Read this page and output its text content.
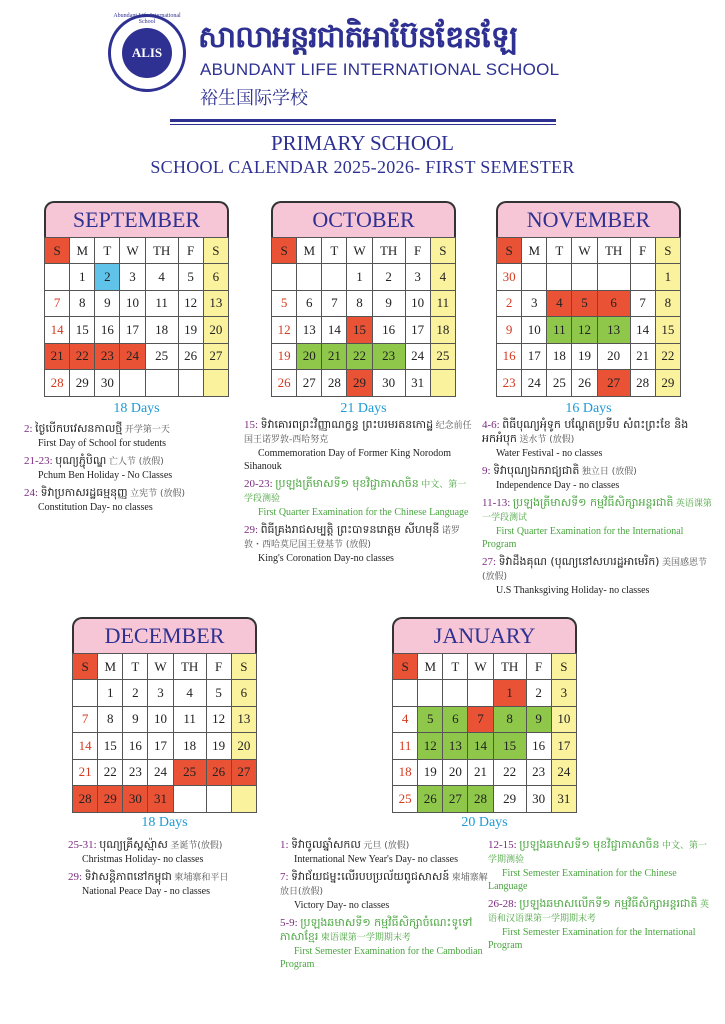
Abundant Life International School
ALIS	សាលាអន្តរជាតិអាប៊ែនឌែនឡែ
ABUNDANT LIFE INTERNATIONAL SCHOOL
裕生国际学校
PRIMARY SCHOOL
SCHOOL CALENDAR 2025-2026- FIRST SEMESTER
SEPTEMBER
S	M	T	W	TH	F	S
	1	2	3	4	5	6
7	8	9	10	11	12	13
14	15	16	17	18	19	20
21	22	23	24	25	26	27
28	29	30				
OCTOBER
S	M	T	W	TH	F	S
			1	2	3	4
5	6	7	8	9	10	11
12	13	14	15	16	17	18
19	20	21	22	23	24	25
26	27	28	29	30	31	
NOVEMBER
S	M	T	W	TH	F	S
30						1
2	3	4	5	6	7	8
9	10	11	12	13	14	15
16	17	18	19	20	21	22
23	24	25	26	27	28	29
DECEMBER
S	M	T	W	TH	F	S
	1	2	3	4	5	6
7	8	9	10	11	12	13
14	15	16	17	18	19	20
21	22	23	24	25	26	27
28	29	30	31			
JANUARY
S	M	T	W	TH	F	S
				1	2	3
4	5	6	7	8	9	10
11	12	13	14	15	16	17
18	19	20	21	22	23	24
25	26	27	28	29	30	31
18 Days	21 Days	16 Days
18 Days	20 Days

2: ថ្ងៃបើកបវេសនកាលថ្មី 开学第一天
First Day of School for students

21-23: បុណ្យភ្ជុំបិណ្ឌ 亡人节 (放假)
Pchum Ben Holiday - No Classes

24: ទិវាប្រកាសរដ្ឋធម្មនុញ្ញ 立宪节 (放假)
Constitution Day- no classes

15: ទិវាគោរពព្រះវិញ្ញាណក្ខន្ធ ព្រះបរមរតនកោដ្ឋ 纪念前任国王诺罗敦-西哈努克
Commemoration Day of Former King Norodom Sihanouk

20-23: ប្រឡងត្រីមាសទី១ មុខវិជ្ជាភាសាចិន 中文、第一学段测验
First Quarter Examination for the Chinese Language

29: ពិធីគ្រងរាជសម្បត្តិ ព្រះបាទនរោត្តម សីហមុនី 诺罗敦・西哈莫尼国王登基节 (放假)
King's Coronation Day-no classes

4-6: ពិធីបុណ្យអុំទូក បណ្ដែតប្រទីប សំពះព្រះខែ និងអកអំបុក 送水节 (放假)
Water Festival - no classes

9: ទិវាបុណ្យឯករាជ្យជាតិ 独立日 (放假)
Independence Day - no classes

11-13: ប្រឡងត្រីមាសទី១ កម្មវិធីសិក្សាអន្តរជាតិ 英语课第一学段测试
First Quarter Examination for the International Program

27: ទិវាដឹងគុណ (បុណ្យនៅសហរដ្ឋអាមេរិក) 美国感恩节 (放假)
U.S Thanksgiving Holiday- no classes

25-31: បុណ្យគ្រីស្តស្ម៉ាស 圣诞节(放假)
Christmas Holiday- no classes

29: ទិវាសន្តិភាពនៅកម្ពុជា 柬埔寨和平日
National Peace Day - no classes

1: ទិវាចូលឆ្នាំសកល 元旦 (放假)
International New Year's Day- no classes

7: ទិវាជ័យជម្នះលើរបបប្រល័យពូជសាសន៍ 柬埔寨解放日(放假)
Victory Day- no classes

5-9: ប្រឡងឆមាសទី១ កម្មវិធីសិក្សាចំណេះទូទៅភាសាខ្មែរ 柬语课第一学期期末考
First Semester Examination for the Cambodian Program

12-15: ប្រឡងឆមាសទី១ មុខវិជ្ជាភាសាចិន 中文、第一学期测验
First Semester Examination for the Chinese Language

26-28: ប្រឡងឆមាសលើកទី១ កម្មវិធីសិក្សាអន្តរជាតិ 英语和汉语课第一学期期末考
First Semester Examination for the International Program
